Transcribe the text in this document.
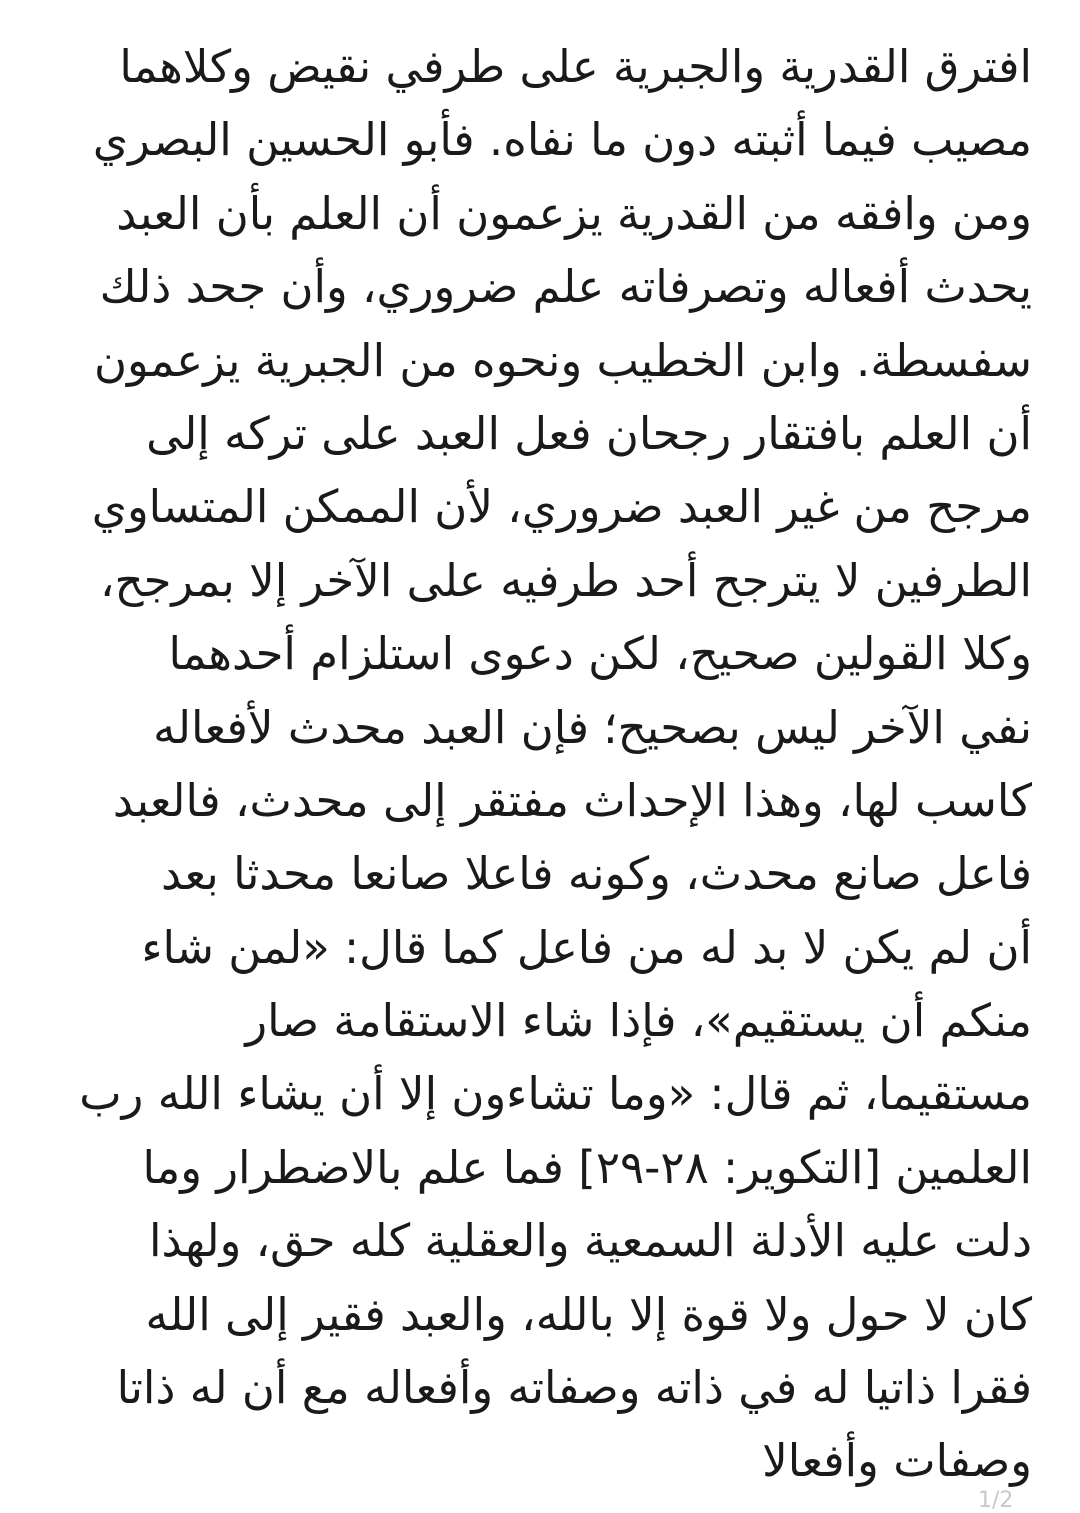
افترق القدرية والجبرية على طرفي نقيض وكلاهما
مصيب فيما أثبته دون ما نفاه. فأبو الحسين البصري
ومن وافقه من القدرية يزعمون أن العلم بأن العبد
يحدث أفعاله وتصرفاته علم ضروري، وأن جحد ذلك
سفسطة. وابن الخطيب ونحوه من الجبرية يزعمون
أن العلم بافتقار رجحان فعل العبد على تركه إلى
مرجح من غير العبد ضروري، لأن الممكن المتساوي
الطرفين لا يترجح أحد طرفيه على الآخر إلا بمرجح،
وكلا القولين صحيح، لكن دعوى استلزام أحدهما
نفي الآخر ليس بصحيح؛ فإن العبد محدث لأفعاله
كاسب لها، وهذا الإحداث مفتقر إلى محدث، فالعبد
فاعل صانع محدث، وكونه فاعلا صانعا محدثا بعد
أن لم يكن لا بد له من فاعل كما قال: «لمن شاء
منكم أن يستقيم»، فإذا شاء الاستقامة صار
مستقيما، ثم قال: «وما تشاءون إلا أن يشاء الله رب
العلمين [التكوير: ٢٨-٢٩] فما علم بالاضطرار وما
دلت عليه الأدلة السمعية والعقلية كله حق، ولهذا
كان لا حول ولا قوة إلا بالله، والعبد فقير إلى الله
فقرا ذاتيا له في ذاته وصفاته وأفعاله مع أن له ذاتا
وصفات وأفعالا
1/2
